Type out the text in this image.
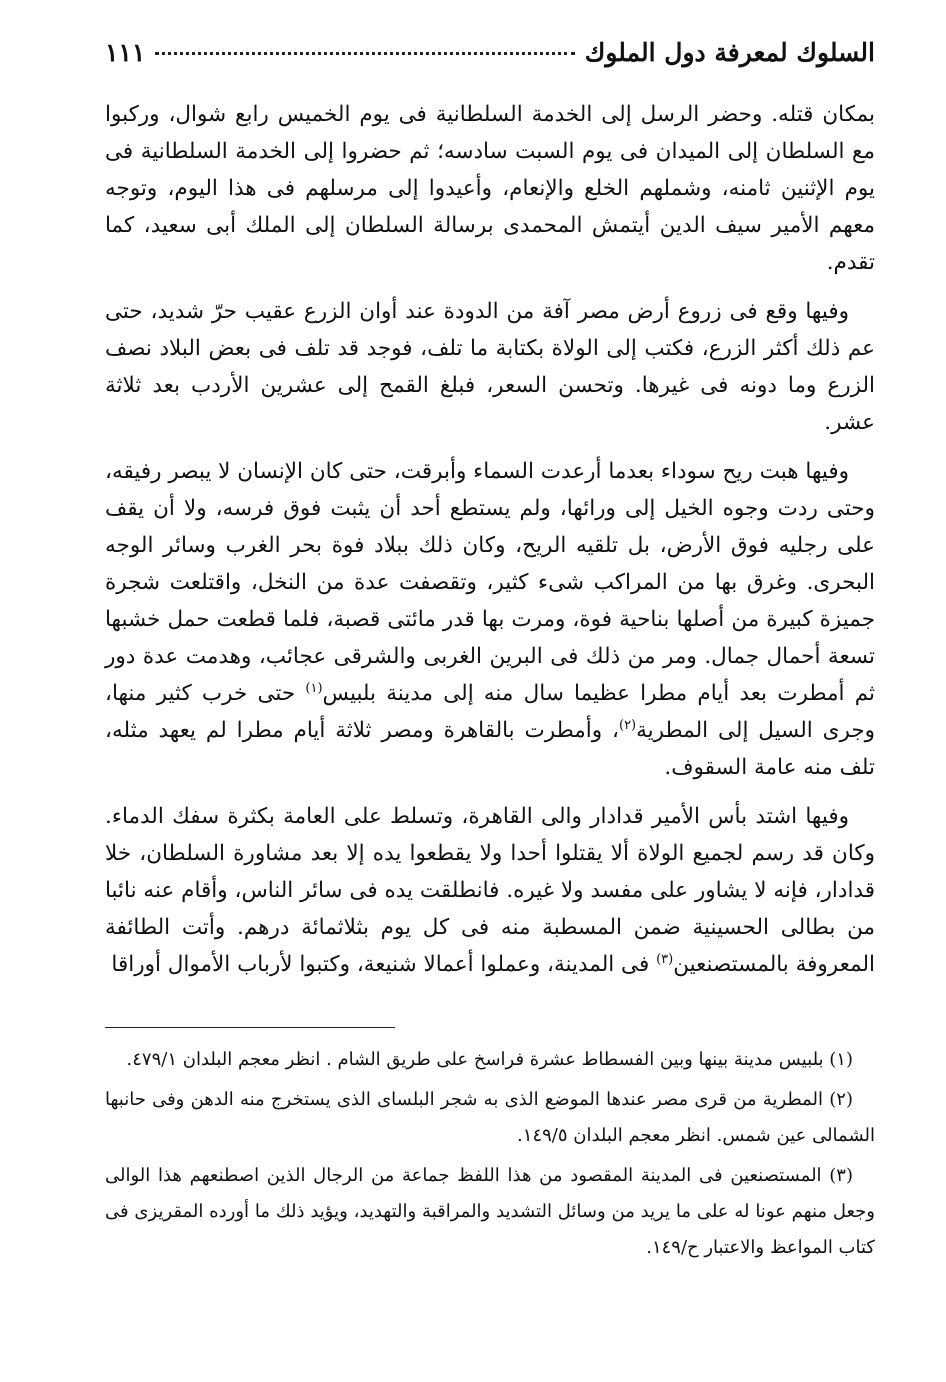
السلوك لمعرفة دول الملوك
١١١

بمكان قتله. وحضر الرسل إلى الخدمة السلطانية فى يوم الخميس رابع شوال، وركبوا مع السلطان إلى الميدان فى يوم السبت سادسه؛ ثم حضروا إلى الخدمة السلطانية فى يوم الإثنين ثامنه، وشملهم الخلع والإنعام، وأعيدوا إلى مرسلهم فى هذا اليوم، وتوجه معهم الأمير سيف الدين أيتمش المحمدى برسالة السلطان إلى الملك أبى سعيد، كما تقدم.

وفيها وقع فى زروع أرض مصر آفة من الدودة عند أوان الزرع عقيب حرّ شديد، حتى عم ذلك أكثر الزرع، فكتب إلى الولاة بكتابة ما تلف، فوجد قد تلف فى بعض البلاد نصف الزرع وما دونه فى غيرها. وتحسن السعر، فبلغ القمح إلى عشرين الأردب بعد ثلاثة عشر.

وفيها هبت ريح سوداء بعدما أرعدت السماء وأبرقت، حتى كان الإنسان لا يبصر رفيقه، وحتى ردت وجوه الخيل إلى ورائها، ولم يستطع أحد أن يثبت فوق فرسه، ولا أن يقف على رجليه فوق الأرض، بل تلقيه الريح، وكان ذلك ببلاد فوة بحر الغرب وسائر الوجه البحرى. وغرق بها من المراكب شىء كثير، وتقصفت عدة من النخل، واقتلعت شجرة جميزة كبيرة من أصلها بناحية فوة، ومرت بها قدر مائتى قصبة، فلما قطعت حمل خشبها تسعة أحمال جمال. ومر من ذلك فى البرين الغربى والشرقى عجائب، وهدمت عدة دور ثم أمطرت بعد أيام مطرا عظيما سال منه إلى مدينة بلبيس$^{(١)}$ حتى خرب كثير منها، وجرى السيل إلى المطرية$^{(٢)}$، وأمطرت بالقاهرة ومصر ثلاثة أيام مطرا لم يعهد مثله، تلف منه عامة السقوف.

وفيها اشتد بأس الأمير قدادار والى القاهرة، وتسلط على العامة بكثرة سفك الدماء. وكان قد رسم لجميع الولاة ألا يقتلوا أحدا ولا يقطعوا يده إلا بعد مشاورة السلطان، خلا قدادار، فإنه لا يشاور على مفسد ولا غيره. فانطلقت يده فى سائر الناس، وأقام عنه نائبا من بطالى الحسينية ضمن المسطبة منه فى كل يوم بثلاثمائة درهم. وأتت الطائفة المعروفة بالمستصنعين$^{(٣)}$ فى المدينة، وعملوا أعمالا شنيعة، وكتبوا لأرباب الأموال أوراقا

(١) بلبيس مدينة بينها وبين الفسطاط عشرة فراسخ على طريق الشام . انظر معجم البلدان ٤٧٩/١.

(٢) المطرية من قرى مصر عندها الموضع الذى به شجر البلساى الذى يستخرج منه الدهن وفى حانبها الشمالى عين شمس. انظر معجم البلدان ١٤٩/٥.

(٣) المستصنعين فى المدينة المقصود من هذا اللفظ جماعة من الرجال الذين اصطنعهم هذا الوالى وجعل منهم عونا له على ما يريد من وسائل التشديد والمراقبة والتهديد، ويؤيد ذلك ما أورده المقريزى فى كتاب المواعظ والاعتبار ح/١٤٩.
